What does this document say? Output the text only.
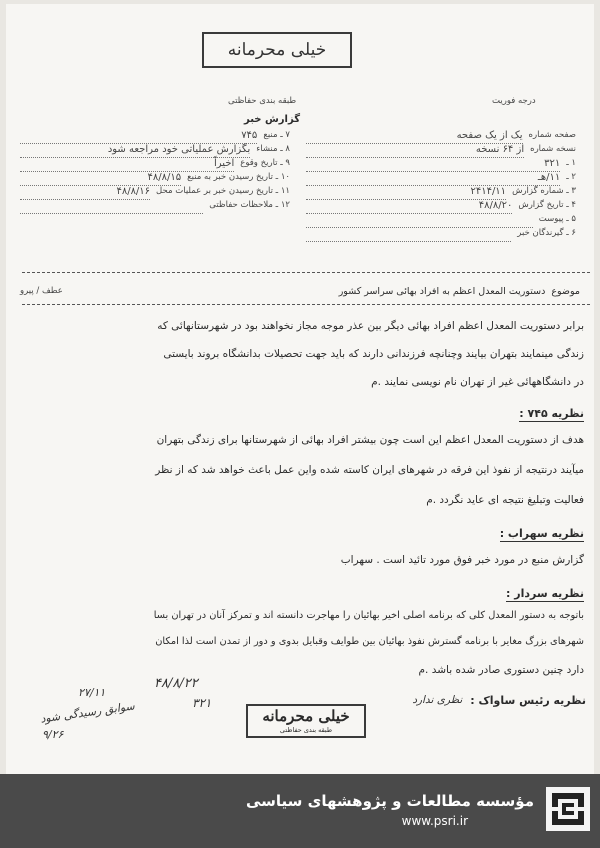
خیلی محرمانه
درجه فوریت
طبقه بندی حفاظتی
گزارش خبر
صفحه شماره
یک از یک صفحه
نسخه شماره
از ۶۴ نسخه
۱ ـ
۳۲۱
۲ ـ
۱۱/هـ
۳ ـ شماره گزارش
۲۴۱۴/۱۱
۴ ـ تاریخ گزارش
۴۸/۸/۲۰
۵ ـ پیوست
۶ ـ گیرندگان خبر
۷ ـ منبع
۷۴۵
۸ ـ منشاء
بگزارش عملیاتی خود مراجعه شود
۹ ـ تاریخ وقوع
اخیراً
۱۰ ـ تاریخ رسیدن خبر به منبع
۴۸/۸/۱۵
۱۱ ـ تاریخ رسیدن خبر بر عملیات محل
۴۸/۸/۱۶
۱۲ ـ ملاحظات حفاظتی
موضوع
دستوریت المعدل اعظم به افراد بهائی سراسر کشور
عطف / پیرو
برابر دستوریت المعدل اعظم افراد بهائی دیگر بین عذر موجه مجاز نخواهند بود در شهرستانهائی که
زندگی مینمایند بتهران بیایند وچنانچه فرزندانی دارند که باید جهت تحصیلات بدانشگاه بروند بایستی
در دانشگاههائی غیر از تهران نام نویسی نمایند .م
نظریه ۷۴۵ :
هدف از دستوریت المعدل اعظم این است چون بیشتر افراد بهائی از شهرستانها برای زندگی بتهران
میآیند درنتیجه از نفوذ این فرقه در شهرهای ایران کاسته شده واین عمل باعث خواهد شد که از نظر
فعالیت وتبلیغ نتیجه ای عاید نگردد .م
نظریه سهراب :
گزارش منبع در مورد خبر فوق مورد تائید است . سهراب
نظریه سردار :
باتوجه به دستور المعدل کلی که برنامه اصلی اخیر بهائیان را مهاجرت دانسته اند و تمرکز آنان در تهران بسا
شهرهای بزرگ مغایر با برنامه گسترش نفوذ بهائیان بین طوایف وقبایل بدوی و دور از تمدن است لذا امکان
دارد چنین دستوری صادر شده باشد .م
۴۸/۸/۲۲
۳۲۱	نظریه رئیس ساواک :
نظری ندارد
خیلی محرمانه
طبقه بندی حفاظتی
۲۷/۱۱
سوابق رسیدگی شود
۹/۲۶
مؤسسه مطالعات و پژوهشهای سیاسی
www.psri.ir
